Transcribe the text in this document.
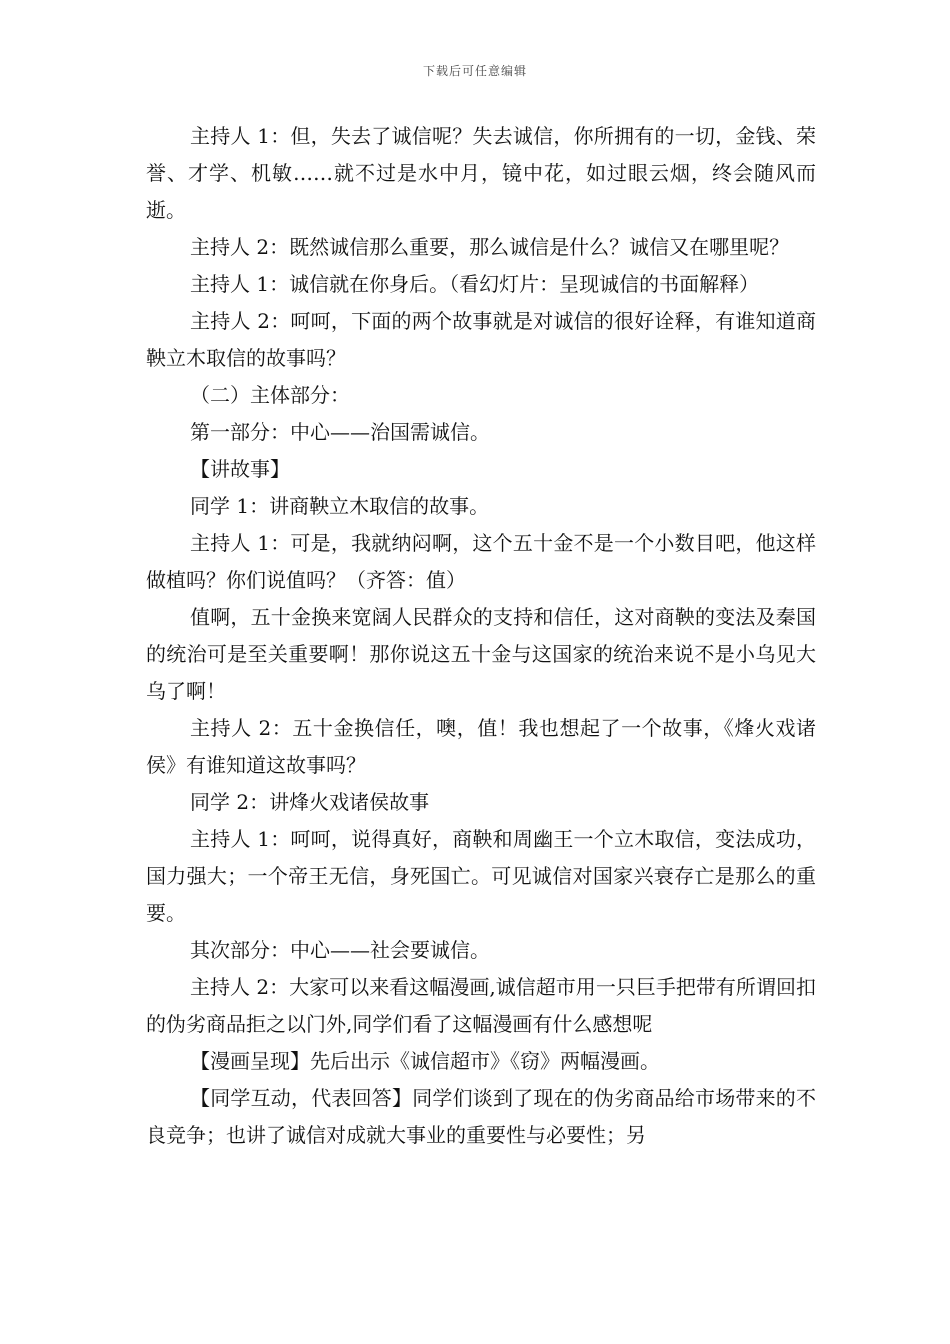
下载后可任意编辑

主持人 1：但，失去了诚信呢？失去诚信，你所拥有的一切，金钱、荣誉、才学、机敏……就不过是水中月，镜中花，如过眼云烟，终会随风而逝。

主持人 2：既然诚信那么重要，那么诚信是什么？诚信又在哪里呢？

主持人 1：诚信就在你身后。（看幻灯片：呈现诚信的书面解释）

主持人 2：呵呵，下面的两个故事就是对诚信的很好诠释，有谁知道商鞅立木取信的故事吗？

（二）主体部分：

第一部分：中心——治国需诚信。

【讲故事】

同学 1：讲商鞅立木取信的故事。

主持人 1：可是，我就纳闷啊，这个五十金不是一个小数目吧，他这样做植吗？你们说值吗？（齐答：值）

值啊，五十金换来宽阔人民群众的支持和信任，这对商鞅的变法及秦国的统治可是至关重要啊！那你说这五十金与这国家的统治来说不是小乌见大乌了啊！

主持人 2：五十金换信任，噢，值！我也想起了一个故事，《烽火戏诸侯》有谁知道这故事吗？

同学 2：讲烽火戏诸侯故事

主持人 1：呵呵，说得真好，商鞅和周幽王一个立木取信，变法成功，国力强大；一个帝王无信，身死国亡。可见诚信对国家兴衰存亡是那么的重要。

其次部分：中心——社会要诚信。

主持人 2：大家可以来看这幅漫画,诚信超市用一只巨手把带有所谓回扣的伪劣商品拒之以门外,同学们看了这幅漫画有什么感想呢

【漫画呈现】先后出示《诚信超市》《窃》两幅漫画。

【同学互动，代表回答】同学们谈到了现在的伪劣商品给市场带来的不良竞争；也讲了诚信对成就大事业的重要性与必要性；另
